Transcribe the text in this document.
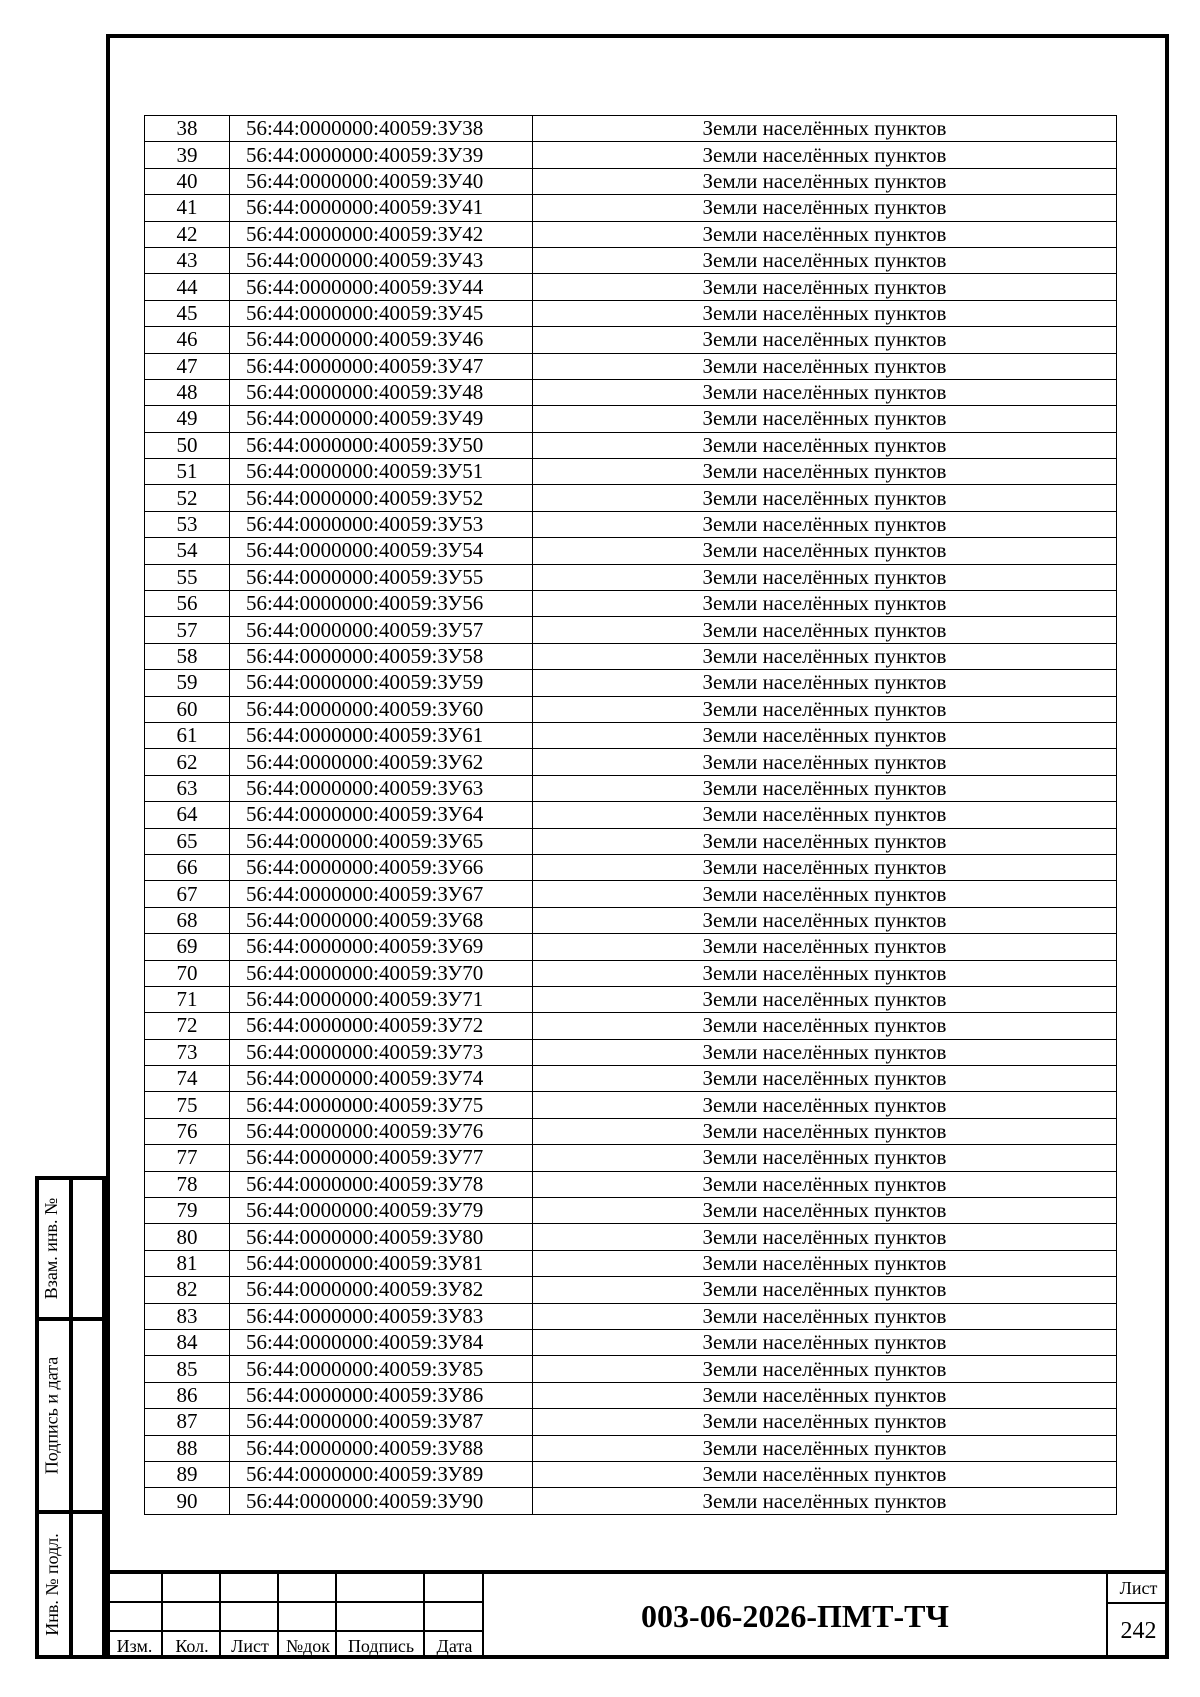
38	56:44:0000000:40059:ЗУ38	Земли населённых пунктов
39	56:44:0000000:40059:ЗУ39	Земли населённых пунктов
40	56:44:0000000:40059:ЗУ40	Земли населённых пунктов
41	56:44:0000000:40059:ЗУ41	Земли населённых пунктов
42	56:44:0000000:40059:ЗУ42	Земли населённых пунктов
43	56:44:0000000:40059:ЗУ43	Земли населённых пунктов
44	56:44:0000000:40059:ЗУ44	Земли населённых пунктов
45	56:44:0000000:40059:ЗУ45	Земли населённых пунктов
46	56:44:0000000:40059:ЗУ46	Земли населённых пунктов
47	56:44:0000000:40059:ЗУ47	Земли населённых пунктов
48	56:44:0000000:40059:ЗУ48	Земли населённых пунктов
49	56:44:0000000:40059:ЗУ49	Земли населённых пунктов
50	56:44:0000000:40059:ЗУ50	Земли населённых пунктов
51	56:44:0000000:40059:ЗУ51	Земли населённых пунктов
52	56:44:0000000:40059:ЗУ52	Земли населённых пунктов
53	56:44:0000000:40059:ЗУ53	Земли населённых пунктов
54	56:44:0000000:40059:ЗУ54	Земли населённых пунктов
55	56:44:0000000:40059:ЗУ55	Земли населённых пунктов
56	56:44:0000000:40059:ЗУ56	Земли населённых пунктов
57	56:44:0000000:40059:ЗУ57	Земли населённых пунктов
58	56:44:0000000:40059:ЗУ58	Земли населённых пунктов
59	56:44:0000000:40059:ЗУ59	Земли населённых пунктов
60	56:44:0000000:40059:ЗУ60	Земли населённых пунктов
61	56:44:0000000:40059:ЗУ61	Земли населённых пунктов
62	56:44:0000000:40059:ЗУ62	Земли населённых пунктов
63	56:44:0000000:40059:ЗУ63	Земли населённых пунктов
64	56:44:0000000:40059:ЗУ64	Земли населённых пунктов
65	56:44:0000000:40059:ЗУ65	Земли населённых пунктов
66	56:44:0000000:40059:ЗУ66	Земли населённых пунктов
67	56:44:0000000:40059:ЗУ67	Земли населённых пунктов
68	56:44:0000000:40059:ЗУ68	Земли населённых пунктов
69	56:44:0000000:40059:ЗУ69	Земли населённых пунктов
70	56:44:0000000:40059:ЗУ70	Земли населённых пунктов
71	56:44:0000000:40059:ЗУ71	Земли населённых пунктов
72	56:44:0000000:40059:ЗУ72	Земли населённых пунктов
73	56:44:0000000:40059:ЗУ73	Земли населённых пунктов
74	56:44:0000000:40059:ЗУ74	Земли населённых пунктов
75	56:44:0000000:40059:ЗУ75	Земли населённых пунктов
76	56:44:0000000:40059:ЗУ76	Земли населённых пунктов
77	56:44:0000000:40059:ЗУ77	Земли населённых пунктов
78	56:44:0000000:40059:ЗУ78	Земли населённых пунктов
79	56:44:0000000:40059:ЗУ79	Земли населённых пунктов
80	56:44:0000000:40059:ЗУ80	Земли населённых пунктов
81	56:44:0000000:40059:ЗУ81	Земли населённых пунктов
82	56:44:0000000:40059:ЗУ82	Земли населённых пунктов
83	56:44:0000000:40059:ЗУ83	Земли населённых пунктов
84	56:44:0000000:40059:ЗУ84	Земли населённых пунктов
85	56:44:0000000:40059:ЗУ85	Земли населённых пунктов
86	56:44:0000000:40059:ЗУ86	Земли населённых пунктов
87	56:44:0000000:40059:ЗУ87	Земли населённых пунктов
88	56:44:0000000:40059:ЗУ88	Земли населённых пунктов
89	56:44:0000000:40059:ЗУ89	Земли населённых пунктов
90	56:44:0000000:40059:ЗУ90	Земли населённых пунктов
Взам. инв. №
Подпись и дата
Инв. № подл.
Изм.	Кол.	Лист №док Подпись	Дата
003-06-2026-ПМТ-ТЧ
Лист
242
